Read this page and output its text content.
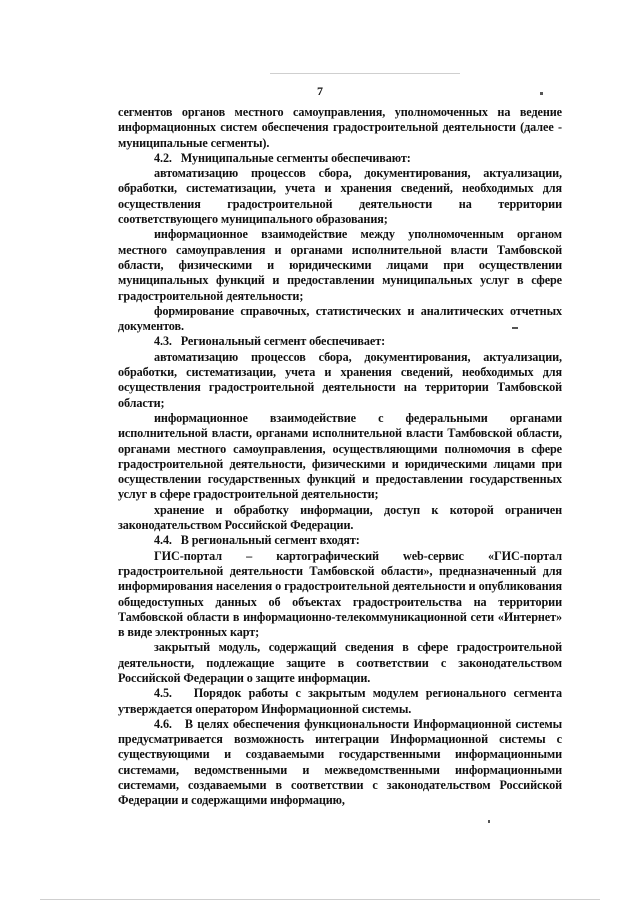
7

сегментов органов местного самоуправления, уполномоченных на ведение информационных систем обеспечения градостроительной деятельности (далее - муниципальные сегменты).

4.2.   Муниципальные сегменты обеспечивают:

автоматизацию процессов сбора, документирования, актуализации, обработки, систематизации, учета и хранения сведений, необходимых для осуществления градостроительной деятельности на территории соответствующего муниципального образования;

информационное взаимодействие между уполномоченным органом местного самоуправления и органами исполнительной власти Тамбовской области, физическими и юридическими лицами при осуществлении муниципальных функций и предоставлении муниципальных услуг в сфере градостроительной деятельности;

формирование справочных, статистических и аналитических отчетных документов.

4.3.   Региональный сегмент обеспечивает:

автоматизацию процессов сбора, документирования, актуализации, обработки, систематизации, учета и хранения сведений, необходимых для осуществления градостроительной деятельности на территории Тамбовской области;

информационное взаимодействие с федеральными органами исполнительной власти, органами исполнительной власти Тамбовской области, органами местного самоуправления, осуществляющими полномочия в сфере градостроительной деятельности, физическими и юридическими лицами при осуществлении государственных функций и предоставлении государственных услуг в сфере градостроительной деятельности;

хранение и обработку информации, доступ к которой ограничен законодательством Российской Федерации.

4.4.   В региональный сегмент входят:

ГИС-портал – картографический web-сервис «ГИС-портал градостроительной деятельности Тамбовской области», предназначенный для информирования населения о градостроительной деятельности и опубликования общедоступных данных об объектах градостроительства на территории Тамбовской области в информационно-телекоммуникационной сети «Интернет» в виде электронных карт;

закрытый модуль, содержащий сведения в сфере градостроительной деятельности, подлежащие защите в соответствии с законодательством Российской Федерации о защите информации.

4.5.   Порядок работы с закрытым модулем регионального сегмента утверждается оператором Информационной системы.

4.6.   В целях обеспечения функциональности Информационной системы предусматривается возможность интеграции Информационной системы с существующими и создаваемыми государственными информационными системами, ведомственными и межведомственными информационными системами, создаваемыми в соответствии с законодательством Российской Федерации и содержащими информацию,
